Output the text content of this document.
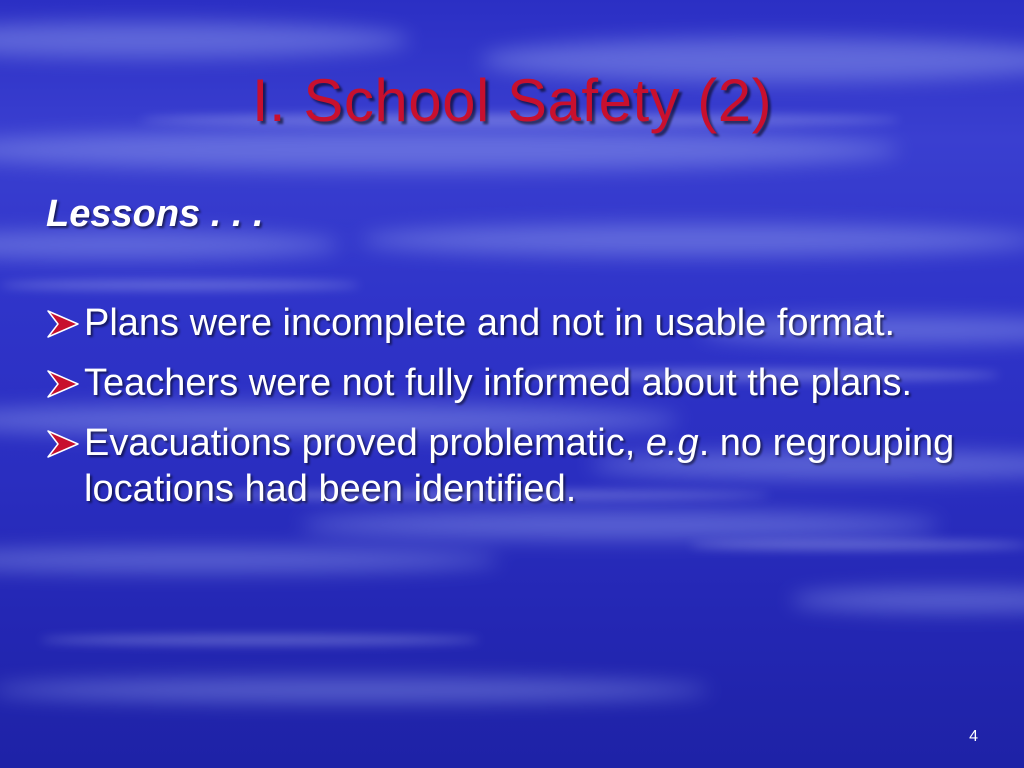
I. School Safety (2)
Lessons . . .
Plans were incomplete and not in usable format.
Teachers were not fully informed about the plans.
Evacuations proved problematic, e.g. no regrouping locations had been identified.
4
